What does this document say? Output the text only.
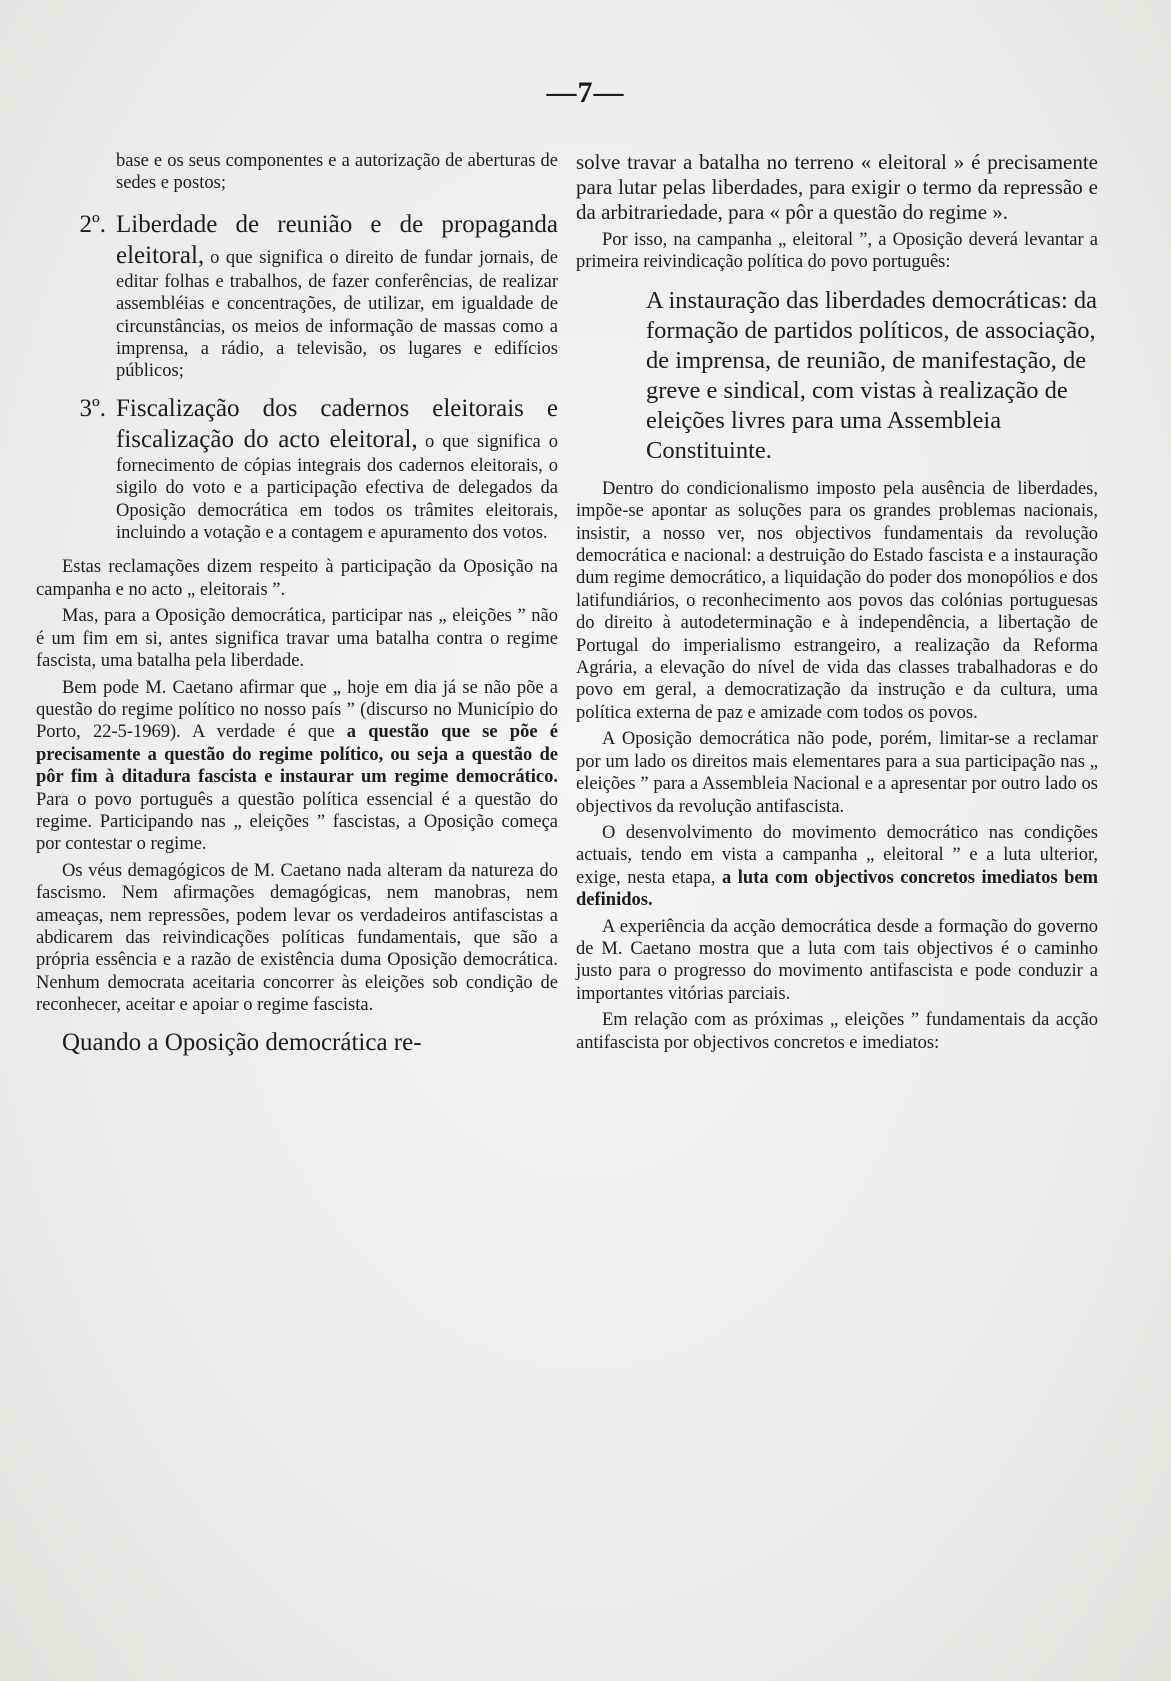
—7—

base e os seus componentes e a autorização de aberturas de sedes e postos;

2º. Liberdade de reunião e de propaganda eleitoral, o que significa o direito de fundar jornais, de editar folhas e trabalhos, de fazer conferências, de realizar assembléias e concentrações, de utilizar, em igualdade de circunstâncias, os meios de informação de massas como a imprensa, a rádio, a televisão, os lugares e edifícios públicos;

3º. Fiscalização dos cadernos eleitorais e fiscalização do acto eleitoral, o que significa o fornecimento de cópias integrais dos cadernos eleitorais, o sigilo do voto e a participação efectiva de delegados da Oposição democrática em todos os trâmites eleitorais, incluindo a votação e a contagem e apuramento dos votos.

Estas reclamações dizem respeito à participação da Oposição na campanha e no acto „ eleitorais ”.

Mas, para a Oposição democrática, participar nas „ eleições ” não é um fim em si, antes significa travar uma batalha contra o regime fascista, uma batalha pela liberdade.

Bem pode M. Caetano afirmar que „ hoje em dia já se não põe a questão do regime político no nosso país ” (discurso no Município do Porto, 22-5-1969). A verdade é que a questão que se põe é precisamente a questão do regime político, ou seja a questão de pôr fim à ditadura fascista e instaurar um regime democrático. Para o povo português a questão política essencial é a questão do regime. Participando nas „ eleições ” fascistas, a Oposição começa por contestar o regime.

Os véus demagógicos de M. Caetano nada alteram da natureza do fascismo. Nem afirmações demagógicas, nem manobras, nem ameaças, nem repressões, podem levar os verdadeiros antifascistas a abdicarem das reivindicações políticas fundamentais, que são a própria essência e a razão de existência duma Oposição democrática. Nenhum democrata aceitaria concorrer às eleições sob condição de reconhecer, aceitar e apoiar o regime fascista.

Quando a Oposição democrática re-

solve travar a batalha no terreno « eleitoral » é precisamente para lutar pelas liberdades, para exigir o termo da repressão e da arbitrariedade, para « pôr a questão do regime ».

Por isso, na campanha „ eleitoral ”, a Oposição deverá levantar a primeira reivindicação política do povo português:

A instauração das liberdades democráticas: da formação de partidos políticos, de associação, de imprensa, de reunião, de manifestação, de greve e sindical, com vistas à realização de eleições livres para uma Assembleia Constituinte.

Dentro do condicionalismo imposto pela ausência de liberdades, impõe-se apontar as soluções para os grandes problemas nacionais, insistir, a nosso ver, nos objectivos fundamentais da revolução democrática e nacional: a destruição do Estado fascista e a instauração dum regime democrático, a liquidação do poder dos monopólios e dos latifundiários, o reconhecimento aos povos das colónias portuguesas do direito à autodeterminação e à independência, a libertação de Portugal do imperialismo estrangeiro, a realização da Reforma Agrária, a elevação do nível de vida das classes trabalhadoras e do povo em geral, a democratização da instrução e da cultura, uma política externa de paz e amizade com todos os povos.

A Oposição democrática não pode, porém, limitar-se a reclamar por um lado os direitos mais elementares para a sua participação nas „ eleições ” para a Assembleia Nacional e a apresentar por outro lado os objectivos da revolução antifascista.

O desenvolvimento do movimento democrático nas condições actuais, tendo em vista a campanha „ eleitoral ” e a luta ulterior, exige, nesta etapa, a luta com objectivos concretos imediatos bem definidos.

A experiência da acção democrática desde a formação do governo de M. Caetano mostra que a luta com tais objectivos é o caminho justo para o progresso do movimento antifascista e pode conduzir a importantes vitórias parciais.

Em relação com as próximas „ eleições ” fundamentais da acção antifascista por objectivos concretos e imediatos:
